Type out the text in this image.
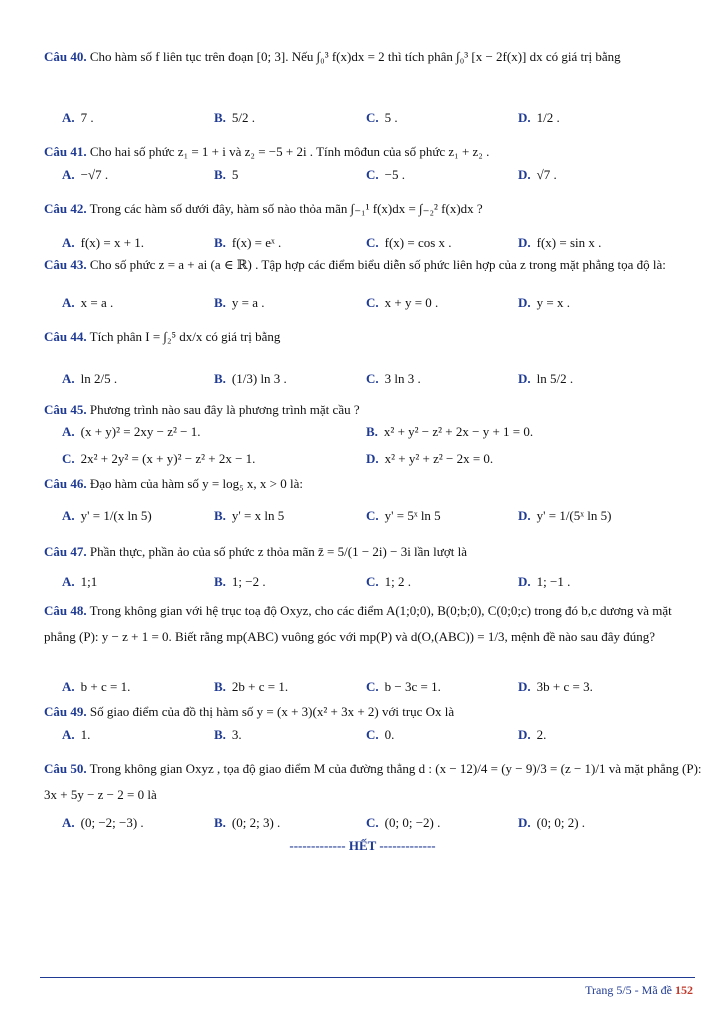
Câu 40. Cho hàm số f liên tục trên đoạn [0; 3]. Nếu ∫₀³ f(x)dx = 2 thì tích phân ∫₀³ [x − 2f(x)] dx có giá trị bằng
A. 7 .	B. 5/2 .	C. 5 .	D. 1/2 .
Câu 41. Cho hai số phức z₁ = 1 + i và z₂ = −5 + 2i . Tính môđun của số phức z₁ + z₂ .
A. −√7 .	B. 5	C. −5 .	D. √7 .
Câu 42. Trong các hàm số dưới đây, hàm số nào thỏa mãn ∫₋₁¹ f(x)dx = ∫₋₂² f(x)dx ?
A. f(x) = x + 1.	B. f(x) = eˣ .	C. f(x) = cos x .	D. f(x) = sin x .
Câu 43. Cho số phức z = a + ai (a ∈ ℝ) . Tập hợp các điểm biểu diễn số phức liên hợp của z trong mặt phẳng tọa độ là:
A. x = a .	B. y = a .	C. x + y = 0 .	D. y = x .
Câu 44. Tích phân I = ∫₂⁵ dx/x có giá trị bằng
A. ln 2/5 .	B. (1/3) ln 3 .	C. 3 ln 3 .	D. ln 5/2 .
Câu 45. Phương trình nào sau đây là phương trình mặt cầu ?
A. (x + y)² = 2xy − z² − 1.	B. x² + y² − z² + 2x − y + 1 = 0.
C. 2x² + 2y² = (x + y)² − z² + 2x − 1.	D. x² + y² + z² − 2x = 0.
Câu 46. Đạo hàm của hàm số y = log₅ x, x > 0 là:
A. y' = 1/(x ln 5)	B. y' = x ln 5	C. y' = 5ˣ ln 5	D. y' = 1/(5ˣ ln 5)
Câu 47. Phần thực, phần ảo của số phức z thỏa mãn z̄ = 5/(1 − 2i) − 3i lần lượt là
A. 1;1	B. 1; −2 .	C. 1; 2 .	D. 1; −1 .
Câu 48. Trong không gian với hệ trục toạ độ Oxyz, cho các điểm A(1;0;0), B(0;b;0), C(0;0;c) trong đó b,c dương và mặt phẳng (P): y − z + 1 = 0. Biết rằng mp(ABC) vuông góc với mp(P) và d(O,(ABC)) = 1/3, mệnh đề nào sau đây đúng?
A. b + c = 1.	B. 2b + c = 1.	C. b − 3c = 1.	D. 3b + c = 3.
Câu 49. Số giao điểm của đồ thị hàm số y = (x + 3)(x² + 3x + 2) với trục Ox là
A. 1.	B. 3.	C. 0.	D. 2.
Câu 50. Trong không gian Oxyz , tọa độ giao điểm M của đường thẳng d : (x − 12)/4 = (y − 9)/3 = (z − 1)/1 và mặt phẳng (P): 3x + 5y − z − 2 = 0 là
A. (0; −2; −3) .	B. (0; 2; 3) .	C. (0; 0; −2) .	D. (0; 0; 2) .
------------- HẾT -------------
Trang 5/5 - Mã đề 152
